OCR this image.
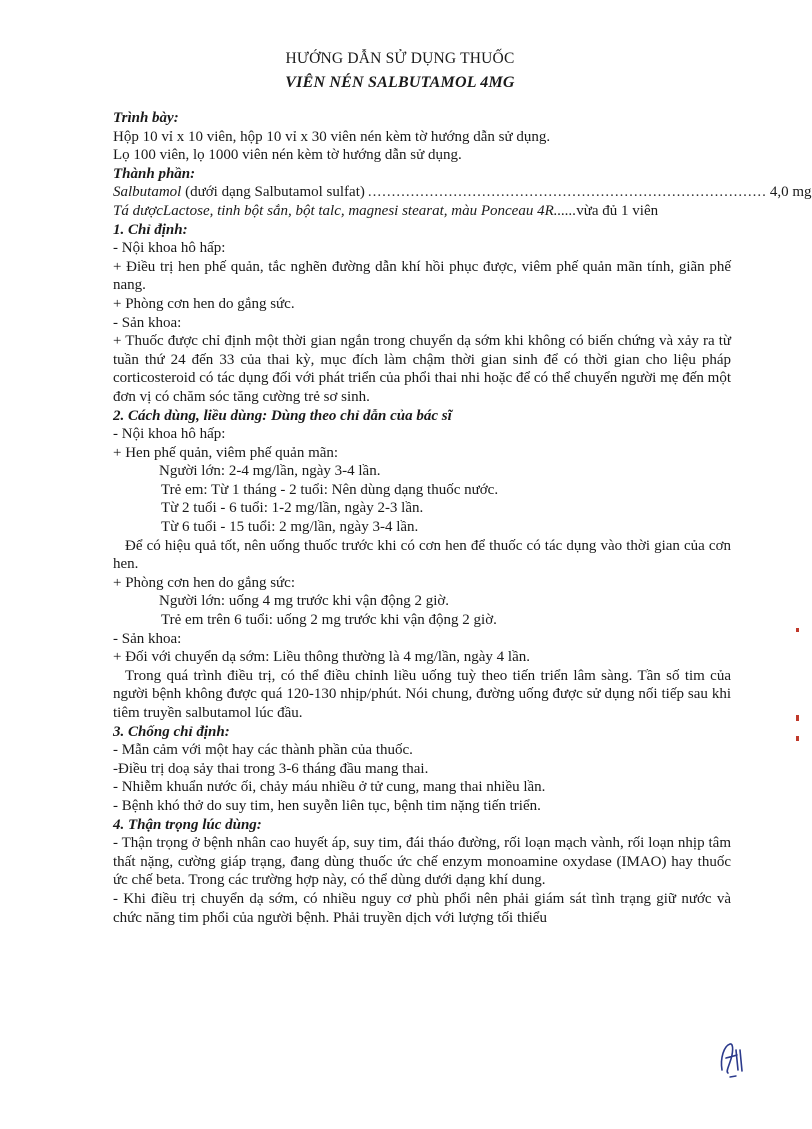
HƯỚNG DẪN SỬ DỤNG THUỐC
VIÊN NÉN SALBUTAMOL 4MG

Trình bày:

Hộp 10 vỉ x 10 viên, hộp 10 vỉ x 30 viên nén kèm tờ hướng dẫn sử dụng.

Lọ 100 viên, lọ 1000 viên nén kèm tờ hướng dẫn sử dụng.

Thành phần:

Salbutamol (dưới dạng Salbutamol sulfat) .................................................................................... 4,0 mg

Tá dượcLactose, tinh bột sắn, bột talc, magnesi stearat, màu Ponceau 4R......vừa đủ 1 viên

1. Chỉ định:

- Nội khoa hô hấp:

+ Điều trị hen phế quản, tắc nghẽn đường dẫn khí hồi phục được, viêm phế quản mãn tính, giãn phế nang.

+ Phòng cơn hen do gắng sức.

- Sản khoa:

+ Thuốc được chỉ định một thời gian ngắn trong chuyển dạ sớm khi không có biến chứng và xảy ra từ tuần thứ 24 đến 33 của thai kỳ, mục đích làm chậm thời gian sinh để có thời gian cho liệu pháp corticosteroid có tác dụng đối với phát triển của phổi thai nhi hoặc để có thể chuyển người mẹ đến một đơn vị có chăm sóc tăng cường trẻ sơ sinh.

2. Cách dùng, liều dùng: Dùng theo chỉ dẫn của bác sĩ

- Nội khoa hô hấp:

+ Hen phế quản, viêm phế quản mãn:

Người lớn: 2-4 mg/lần, ngày 3-4 lần.

Trẻ em: Từ 1 tháng - 2 tuổi: Nên dùng dạng thuốc nước.

Từ 2 tuổi - 6 tuổi: 1-2 mg/lần, ngày 2-3 lần.

Từ 6 tuổi - 15 tuổi: 2 mg/lần, ngày 3-4 lần.

Để có hiệu quả tốt, nên uống thuốc trước khi có cơn hen để thuốc có tác dụng vào thời gian của cơn hen.

+ Phòng cơn hen do gắng sức:

Người lớn: uống 4 mg trước khi vận động 2 giờ.

Trẻ em trên 6 tuổi: uống 2 mg trước khi vận động 2 giờ.

- Sản khoa:

+ Đối với chuyển dạ sớm: Liều thông thường là 4 mg/lần, ngày 4 lần.

Trong quá trình điều trị, có thể điều chỉnh liều uống tuỳ theo tiến triển lâm sàng. Tần số tim của người bệnh không được quá 120-130 nhịp/phút. Nói chung, đường uống được sử dụng nối tiếp sau khi tiêm truyền salbutamol lúc đầu.

3. Chống chỉ định:

- Mẫn cảm với một hay các thành phần của thuốc.

-Điều trị doạ sảy thai trong 3-6 tháng đầu mang thai.

- Nhiễm khuẩn nước ối, chảy máu nhiều ở tử cung, mang thai nhiều lần.

- Bệnh khó thở do suy tim, hen suyễn liên tục, bệnh tim nặng tiến triển.

4. Thận trọng lúc dùng:

- Thận trọng ở bệnh nhân cao huyết áp, suy tim, đái tháo đường, rối loạn mạch vành, rối loạn nhịp tâm thất nặng, cường giáp trạng, đang dùng thuốc ức chế enzym monoamine oxydase (IMAO) hay thuốc ức chế beta. Trong các trường hợp này, có thể dùng dưới dạng khí dung.

- Khi điều trị chuyển dạ sớm, có nhiều nguy cơ phù phổi nên phải giám sát tình trạng giữ nước và chức năng tim phổi của người bệnh. Phải truyền dịch với lượng tối thiểu
